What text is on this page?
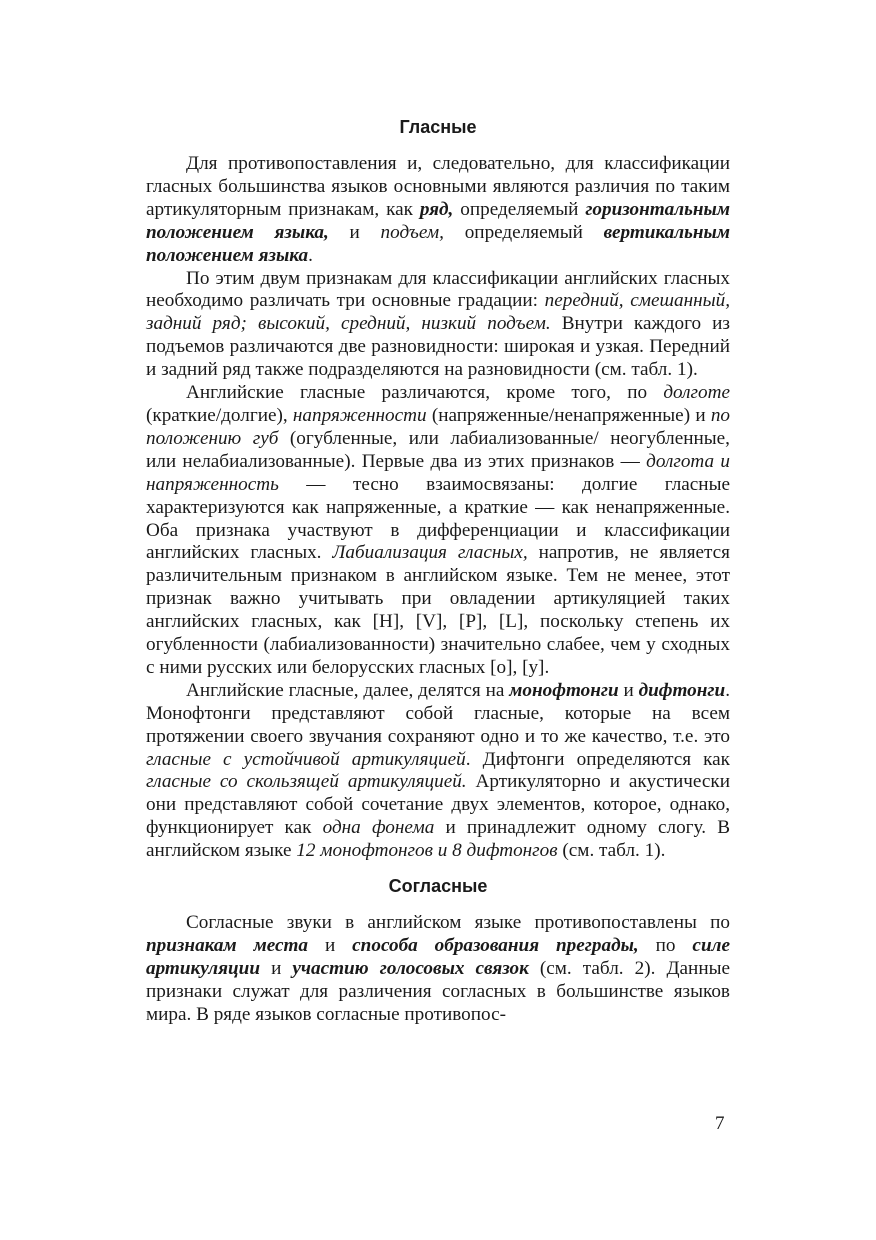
Гласные

Для противопоставления и, следовательно, для классификации гласных большинства языков основными являются различия по таким артикуляторным признакам, как ряд, определяемый горизонтальным положением языка, и подъем, определяемый вертикальным положением языка.

По этим двум признакам для классификации английских гласных необходимо различать три основные градации: передний, смешанный, задний ряд; высокий, средний, низкий подъем. Внутри каждого из подъемов различаются две разновидности: широкая и узкая. Передний и задний ряд также подразделяются на разновидности (см. табл. 1).

Английские гласные различаются, кроме того, по долготе (краткие/долгие), напряженности (напряженные/ненапряженные) и по положению губ (огубленные, или лабиализованные/ неогубленные, или нелабиализованные). Первые два из этих признаков — долгота и напряженность — тесно взаимосвязаны: долгие гласные характеризуются как напряженные, а краткие — как ненапряженные. Оба признака участвуют в дифференциации и классификации английских гласных. Лабиализация гласных, напротив, не является различительным признаком в английском языке. Тем не менее, этот признак важно учитывать при овладении артикуляцией таких английских гласных, как [H], [V], [P], [L], поскольку степень их огубленности (лабиализованности) значительно слабее, чем у сходных с ними русских или белорусских гласных [о], [у].

Английские гласные, далее, делятся на монофтонги и дифтонги. Монофтонги представляют собой гласные, которые на всем протяжении своего звучания сохраняют одно и то же качество, т.е. это гласные с устойчивой артикуляцией. Дифтонги определяются как гласные со скользящей артикуляцией. Артикуляторно и акустически они представляют собой сочетание двух элементов, которое, однако, функционирует как одна фонема и принадлежит одному слогу. В английском языке 12 монофтонгов и 8 дифтонгов (см. табл. 1).

Согласные

Согласные звуки в английском языке противопоставлены по признакам места и способа образования преграды, по силе артикуляции и участию голосовых связок (см. табл. 2). Данные признаки служат для различения согласных в большинстве языков мира. В ряде языков согласные противопос-

7
